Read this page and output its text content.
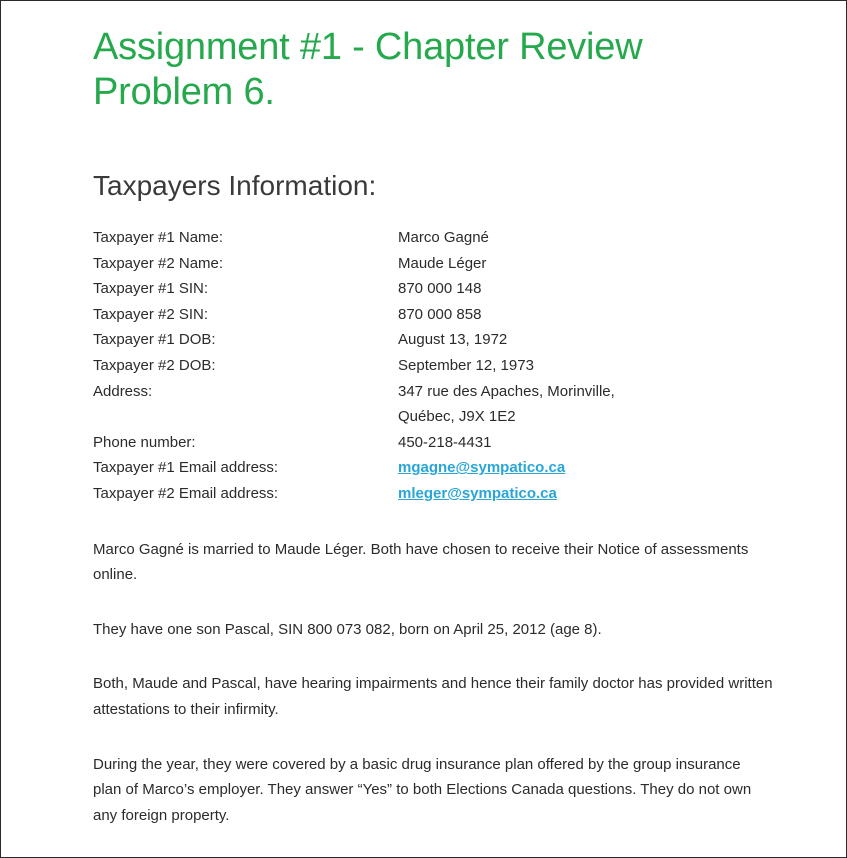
Assignment #1 - Chapter Review Problem 6.
Taxpayers Information:
Taxpayer #1 Name:	Marco Gagné
Taxpayer #2 Name:	Maude Léger
Taxpayer #1 SIN:	870 000 148
Taxpayer #2 SIN:	870 000 858
Taxpayer #1 DOB:	August 13, 1972
Taxpayer #2 DOB:	September 12, 1973
Address:	347 rue des Apaches, Morinville,
Québec, J9X 1E2

Phone number:	450-218-4431
Taxpayer #1 Email address:	mgagne@sympatico.ca
Taxpayer #2 Email address:	mleger@sympatico.ca

Marco Gagné is married to Maude Léger. Both have chosen to receive their Notice of assessments online.

They have one son Pascal, SIN 800 073 082, born on April 25, 2012 (age 8).

Both, Maude and Pascal, have hearing impairments and hence their family doctor has provided written attestations to their infirmity.

During the year, they were covered by a basic drug insurance plan offered by the group insurance plan of Marco’s employer. They answer “Yes” to both Elections Canada questions. They do not own any foreign property.
